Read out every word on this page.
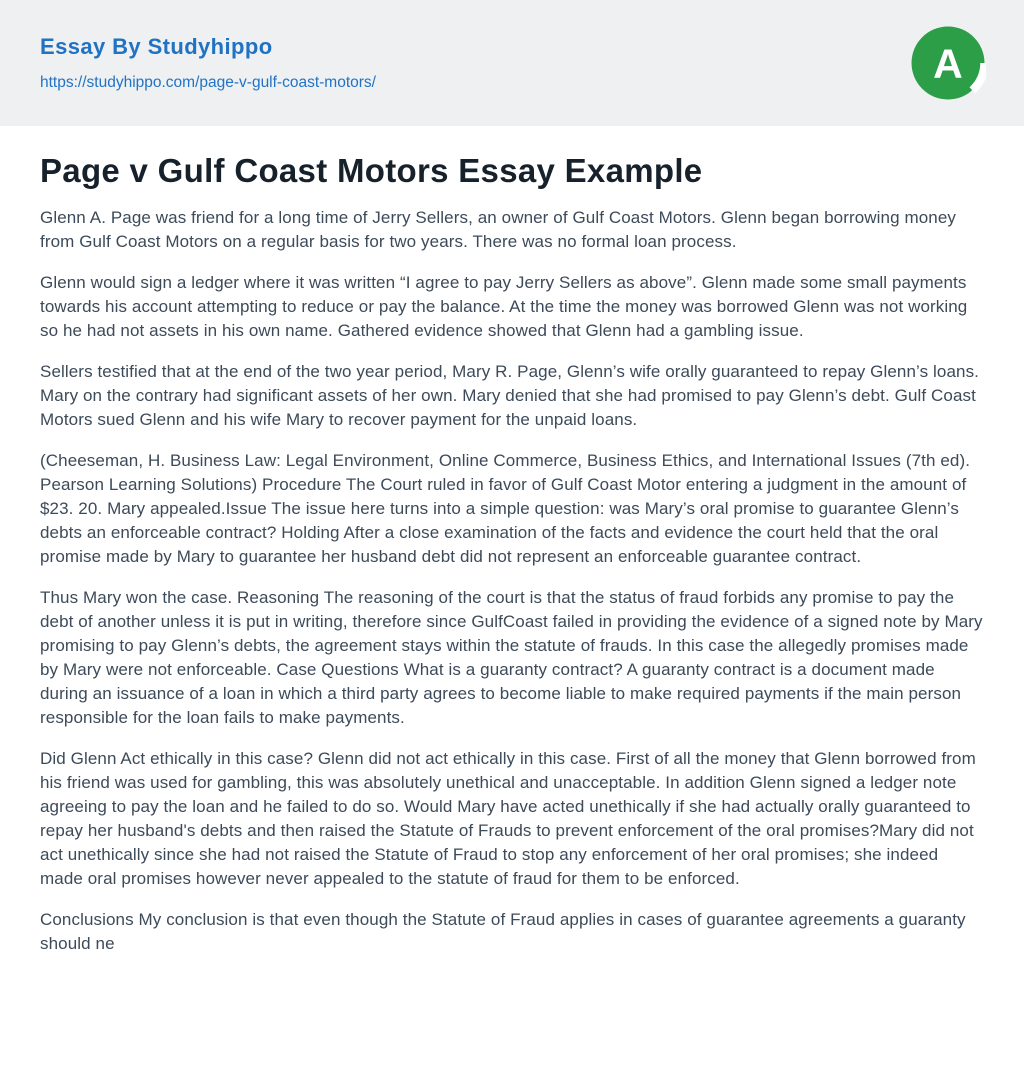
Essay By Studyhippo
https://studyhippo.com/page-v-gulf-coast-motors/	A
Page v Gulf Coast Motors Essay Example

Glenn A. Page was friend for a long time of Jerry Sellers, an owner of Gulf Coast Motors. Glenn began borrowing money from Gulf Coast Motors on a regular basis for two years. There was no formal loan process.

Glenn would sign a ledger where it was written “I agree to pay Jerry Sellers as above”. Glenn made some small payments towards his account attempting to reduce or pay the balance. At the time the money was borrowed Glenn was not working so he had not assets in his own name. Gathered evidence showed that Glenn had a gambling issue.

Sellers testified that at the end of the two year period, Mary R. Page, Glenn’s wife orally guaranteed to repay Glenn’s loans. Mary on the contrary had significant assets of her own. Mary denied that she had promised to pay Glenn’s debt. Gulf Coast Motors sued Glenn and his wife Mary to recover payment for the unpaid loans.

(Cheeseman, H. Business Law: Legal Environment, Online Commerce, Business Ethics, and International Issues (7th ed). Pearson Learning Solutions) Procedure The Court ruled in favor of Gulf Coast Motor entering a judgment in the amount of $23. 20. Mary appealed.Issue The issue here turns into a simple question: was Mary’s oral promise to guarantee Glenn’s debts an enforceable contract? Holding After a close examination of the facts and evidence the court held that the oral promise made by Mary to guarantee her husband debt did not represent an enforceable guarantee contract.

Thus Mary won the case. Reasoning The reasoning of the court is that the status of fraud forbids any promise to pay the debt of another unless it is put in writing, therefore since GulfCoast failed in providing the evidence of a signed note by Mary promising to pay Glenn’s debts, the agreement stays within the statute of frauds. In this case the allegedly promises made by Mary were not enforceable. Case Questions What is a guaranty contract? A guaranty contract is a document made during an issuance of a loan in which a third party agrees to become liable to make required payments if the main person responsible for the loan fails to make payments.

Did Glenn Act ethically in this case? Glenn did not act ethically in this case. First of all the money that Glenn borrowed from his friend was used for gambling, this was absolutely unethical and unacceptable. In addition Glenn signed a ledger note agreeing to pay the loan and he failed to do so. Would Mary have acted unethically if she had actually orally guaranteed to repay her husband's debts and then raised the Statute of Frauds to prevent enforcement of the oral promises?Mary did not act unethically since she had not raised the Statute of Fraud to stop any enforcement of her oral promises; she indeed made oral promises however never appealed to the statute of fraud for them to be enforced.

Conclusions My conclusion is that even though the Statute of Fraud applies in cases of guarantee agreements a guaranty should ne
